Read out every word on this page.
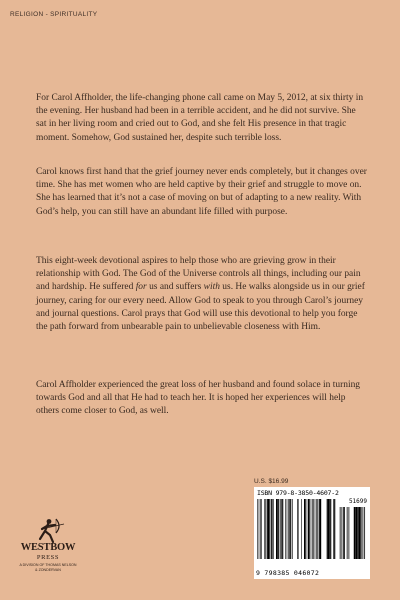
RELIGION - SPIRITUALITY

For Carol Affholder, the life-changing phone call came on May 5, 2012, at six thirty in the evening. Her husband had been in a terrible accident, and he did not survive. She sat in her living room and cried out to God, and she felt His presence in that tragic moment. Somehow, God sustained her, despite such terrible loss.

Carol knows first hand that the grief journey never ends completely, but it changes over time. She has met women who are held captive by their grief and struggle to move on. She has learned that it’s not a case of moving on but of adapting to a new reality. With God’s help, you can still have an abundant life filled with purpose.

This eight-week devotional aspires to help those who are grieving grow in their relationship with God. The God of the Universe controls all things, including our pain and hardship. He suffered for us and suffers with us. He walks alongside us in our grief journey, caring for our every need. Allow God to speak to you through Carol’s journey and journal questions. Carol prays that God will use this devotional to help you forge the path forward from unbearable pain to unbelievable closeness with Him.

Carol Affholder experienced the great loss of her husband and found solace in turning towards God and all that He had to teach her. It is hoped her experiences will help others come closer to God, as well.

U.S. $16.99
ISBN 979-8-3850-4607-2
51699
9 798385 046072
WESTBOW
PRESS
A DIVISION OF THOMAS NELSON
& ZONDERVAN
